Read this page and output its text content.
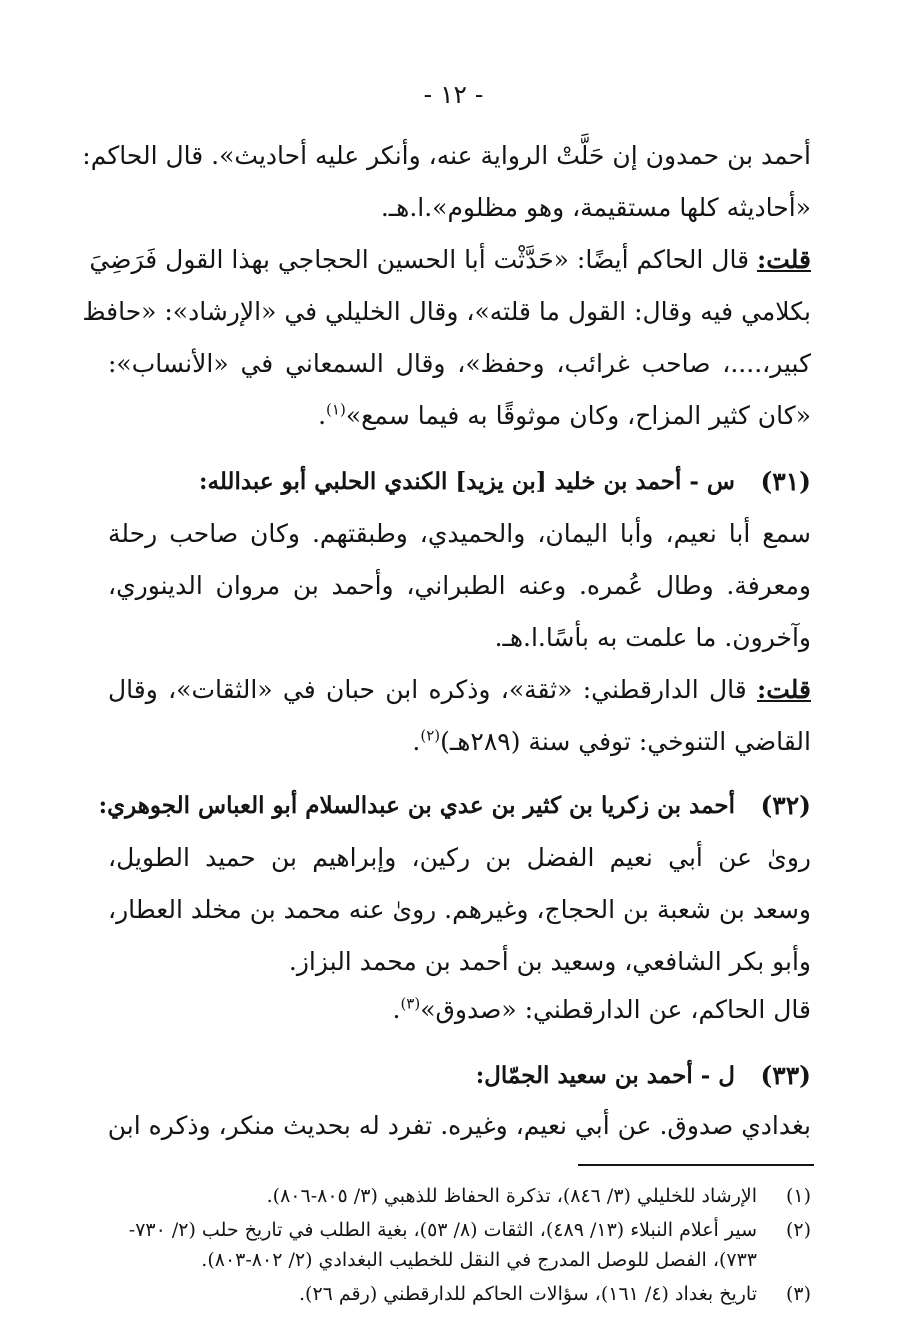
- ١٢ -
أحمد بن حمدون إن حَلَّتْ الرواية عنه، وأنكر عليه أحاديث». قال الحاكم:
«أحاديثه كلها مستقيمة، وهو مظلوم».ا.هـ.
قلت: قال الحاكم أيضًا: «حَدَّثْت أبا الحسين الحجاجي بهذا القول فَرَضِيَ
بكلامي فيه وقال: القول ما قلته»، وقال الخليلي في «الإرشاد»: «حافظ
كبير،....، صاحب غرائب، وحفظ»، وقال السمعاني في «الأنساب»:
«كان كثير المزاح، وكان موثوقًا به فيما سمع»$^{(١)}$.
(٣١)
س - أحمد بن خليد [بن يزيد] الكندي الحلبي أبو عبدالله:
سمع أبا نعيم، وأبا اليمان، والحميدي، وطبقتهم. وكان صاحب رحلة
ومعرفة. وطال عُمره. وعنه الطبراني، وأحمد بن مروان الدينوري،
وآخرون. ما علمت به بأسًا.ا.هـ.
قلت: قال الدارقطني: «ثقة»، وذكره ابن حبان في «الثقات»، وقال
القاضي التنوخي: توفي سنة (٢٨٩هـ)$^{(٢)}$.
(٣٢)
أحمد بن زكريا بن كثير بن عدي بن عبدالسلام أبو العباس الجوهري:
روىٰ عن أبي نعيم الفضل بن ركين، وإبراهيم بن حميد الطويل،
وسعد بن شعبة بن الحجاج، وغيرهم. روىٰ عنه محمد بن مخلد العطار،
وأبو بكر الشافعي، وسعيد بن أحمد بن محمد البزاز.
قال الحاكم، عن الدارقطني: «صدوق»$^{(٣)}$.
(٣٣)
ل - أحمد بن سعيد الجمّال:
بغدادي صدوق. عن أبي نعيم، وغيره. تفرد له بحديث منكر، وذكره ابن
(١)
الإرشاد للخليلي (٣/ ٨٤٦)، تذكرة الحفاظ للذهبي (٣/ ٨٠٥-٨٠٦).
(٢)
سير أعلام النبلاء (١٣/ ٤٨٩)، الثقات (٨/ ٥٣)، بغية الطلب في تاريخ حلب (٢/ ٧٣٠-
٧٣٣)، الفصل للوصل المدرج في النقل للخطيب البغدادي (٢/ ٨٠٢-٨٠٣).
(٣)
تاريخ بغداد (٤/ ١٦١)، سؤالات الحاكم للدارقطني (رقم ٢٦).
